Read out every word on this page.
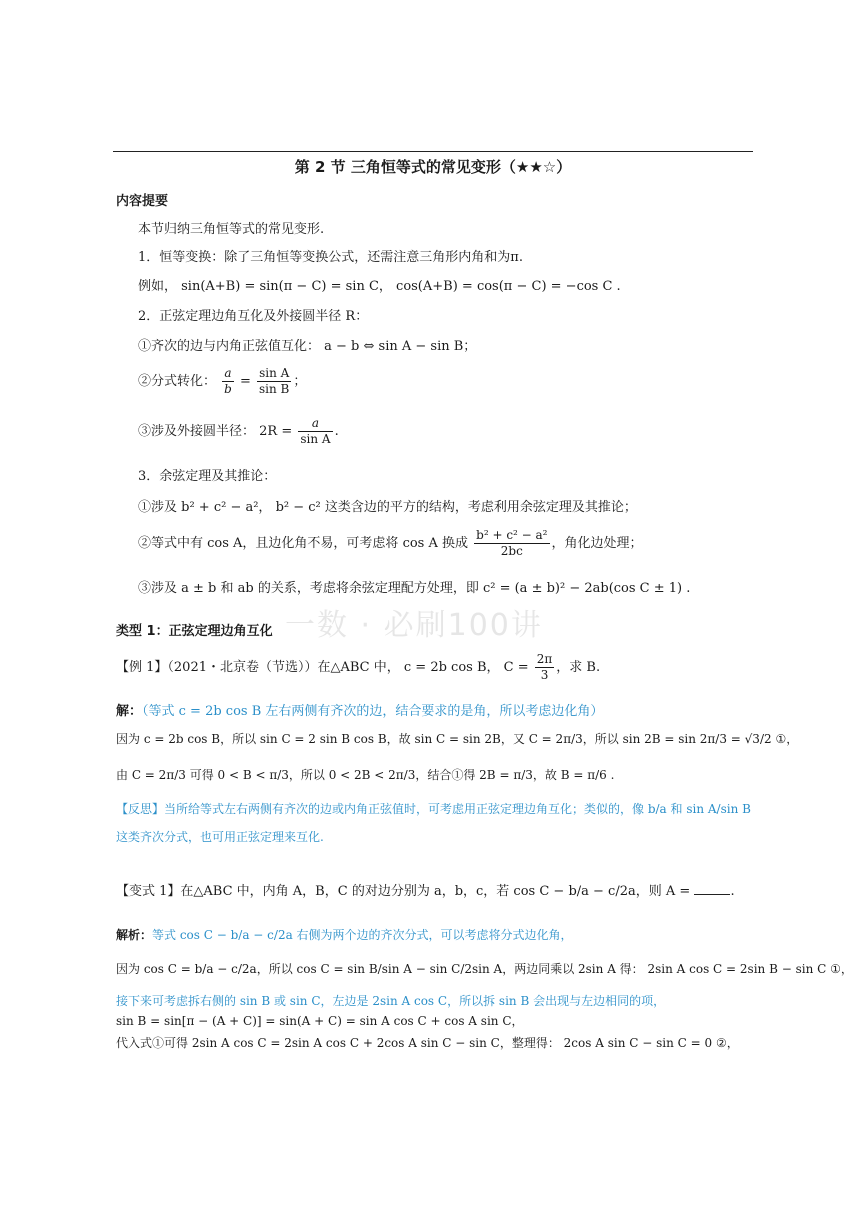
第 2 节 三角恒等式的常见变形（★★☆）
内容提要
本节归纳三角恒等式的常见变形.
1．恒等变换：除了三角恒等变换公式，还需注意三角形内角和为π.
例如， sin(A+B) = sin(π − C) = sin C， cos(A+B) = cos(π − C) = −cos C .
2．正弦定理边角互化及外接圆半径 R：
①齐次的边与内角正弦值互化： a − b ⇔ sin A − sin B；
②分式转化： $\frac{a}{b} = \frac{\text{sin A}}{\text{sin B}}$ ；
③涉及外接圆半径： $2R = \frac{a}{\text{sin A}}$ .
3．余弦定理及其推论：
①涉及 b² + c² − a²， b² − c² 这类含边的平方的结构，考虑利用余弦定理及其推论；
②等式中有 cos A，且边化角不易，可考虑将 cos A 换成 $\frac{\text{b² + c² − a²}}{2bc}$ ，角化边处理；
③涉及 a ± b 和 ab 的关系，考虑将余弦定理配方处理，即 c² = (a ± b)² − 2ab(cos C ± 1) .
一数 · 必刷100讲
类型 1：正弦定理边角互化
【例 1】（2021・北京卷（节选））在△ABC 中， c = 2b cos B， $C = \frac{2\pi}{3}$ ，求 B.
解：（等式 c = 2b cos B 左右两侧有齐次的边，结合要求的是角，所以考虑边化角）
因为 c = 2b cos B，所以 sin C = 2 sin B cos B，故 sin C = sin 2B，又 C = 2π/3，所以 sin 2B = sin 2π/3 = √3/2 ①，
由 C = 2π/3 可得 0 < B < π/3，所以 0 < 2B < 2π/3，结合①得 2B = π/3，故 B = π/6 .
【反思】当所给等式左右两侧有齐次的边或内角正弦值时，可考虑用正弦定理边角互化；类似的，像 b/a 和 sin A/sin B
这类齐次分式，也可用正弦定理来互化.
【变式 1】在△ABC 中，内角 A，B，C 的对边分别为 a，b，c，若 cos C − b/a − c/2a，则 A =	.
解析：等式 cos C − b/a − c/2a 右侧为两个边的齐次分式，可以考虑将分式边化角，
因为 cos C = b/a − c/2a，所以 cos C = sin B/sin A − sin C/2sin A，两边同乘以 2sin A 得： 2sin A cos C = 2sin B − sin C ①，
接下来可考虑拆右侧的 sin B 或 sin C，左边是 2sin A cos C，所以拆 sin B 会出现与左边相同的项，
sin B = sin[π − (A + C)] = sin(A + C) = sin A cos C + cos A sin C，
代入式①可得 2sin A cos C = 2sin A cos C + 2cos A sin C − sin C，整理得： 2cos A sin C − sin C = 0 ②，
